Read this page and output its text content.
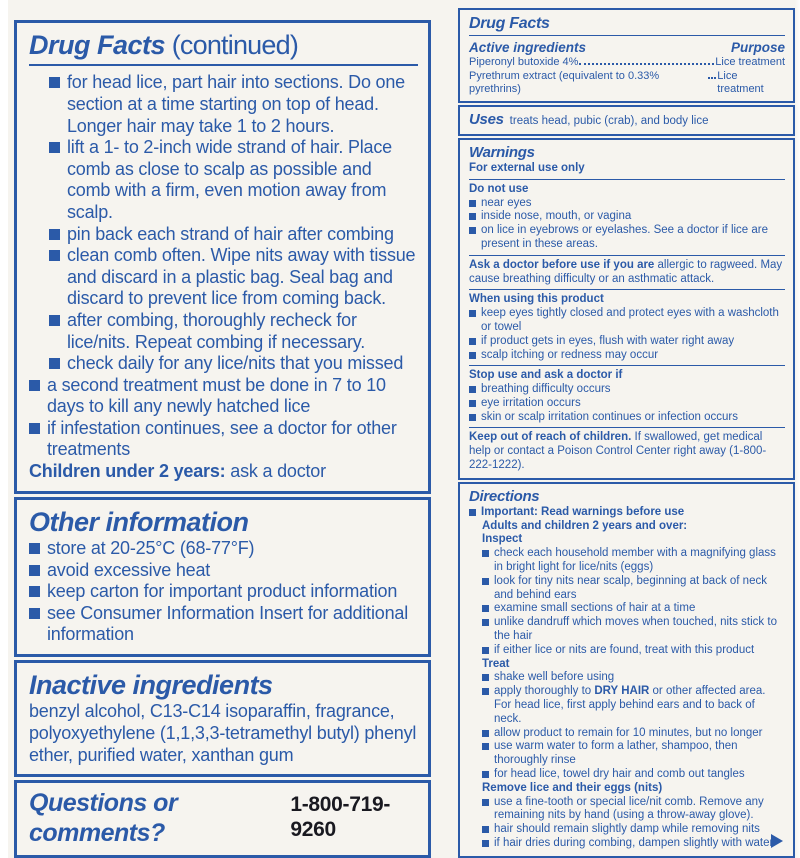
Drug Facts (continued)
for head lice, part hair into sections. Do one section at a time starting on top of head. Longer hair may take 1 to 2 hours.
lift a 1- to 2-inch wide strand of hair. Place comb as close to scalp as possible and comb with a firm, even motion away from scalp.
pin back each strand of hair after combing
clean comb often. Wipe nits away with tissue and discard in a plastic bag. Seal bag and discard to prevent lice from coming back.
after combing, thoroughly recheck for lice/nits. Repeat combing if necessary.
check daily for any lice/nits that you missed
a second treatment must be done in 7 to 10 days to kill any newly hatched lice
if infestation continues, see a doctor for other treatments
Children under 2 years: ask a doctor
Other information
store at 20-25°C (68-77°F)
avoid excessive heat
keep carton for important product information
see Consumer Information Insert for additional information
Inactive ingredients
benzyl alcohol, C13-C14 isoparaffin, fragrance, polyoxyethylene (1,1,3,3-tetramethyl butyl) phenyl ether, purified water, xanthan gum
Questions or comments?
1-800-719-9260
Drug Facts
Active ingredients	Purpose
Piperonyl butoxide 4%	Lice treatment
Pyrethrum extract (equivalent to 0.33% pyrethrins)
Lice treatment
Uses treats head, pubic (crab), and body lice
Warnings
For external use only
Do not use
near eyes
inside nose, mouth, or vagina
on lice in eyebrows or eyelashes. See a doctor if lice are present in these areas.
Ask a doctor before use if you are allergic to ragweed. May cause breathing difficulty or an asthmatic attack.
When using this product
keep eyes tightly closed and protect eyes with a washcloth or towel
if product gets in eyes, flush with water right away
scalp itching or redness may occur
Stop use and ask a doctor if
breathing difficulty occurs
eye irritation occurs
skin or scalp irritation continues or infection occurs
Keep out of reach of children. If swallowed, get medical help or contact a Poison Control Center right away (1-800-222-1222).
Directions
Important: Read warnings before use
Adults and children 2 years and over:
Inspect
check each household member with a magnifying glass in bright light for lice/nits (eggs)
look for tiny nits near scalp, beginning at back of neck and behind ears
examine small sections of hair at a time
unlike dandruff which moves when touched, nits stick to the hair
if either lice or nits are found, treat with this product
Treat
shake well before using
apply thoroughly to DRY HAIR or other affected area. For head lice, first apply behind ears and to back of neck.
allow product to remain for 10 minutes, but no longer
use warm water to form a lather, shampoo, then thoroughly rinse
for head lice, towel dry hair and comb out tangles
Remove lice and their eggs (nits)
use a fine-tooth or special lice/nit comb. Remove any remaining nits by hand (using a throw-away glove).
hair should remain slightly damp while removing nits
if hair dries during combing, dampen slightly with water
